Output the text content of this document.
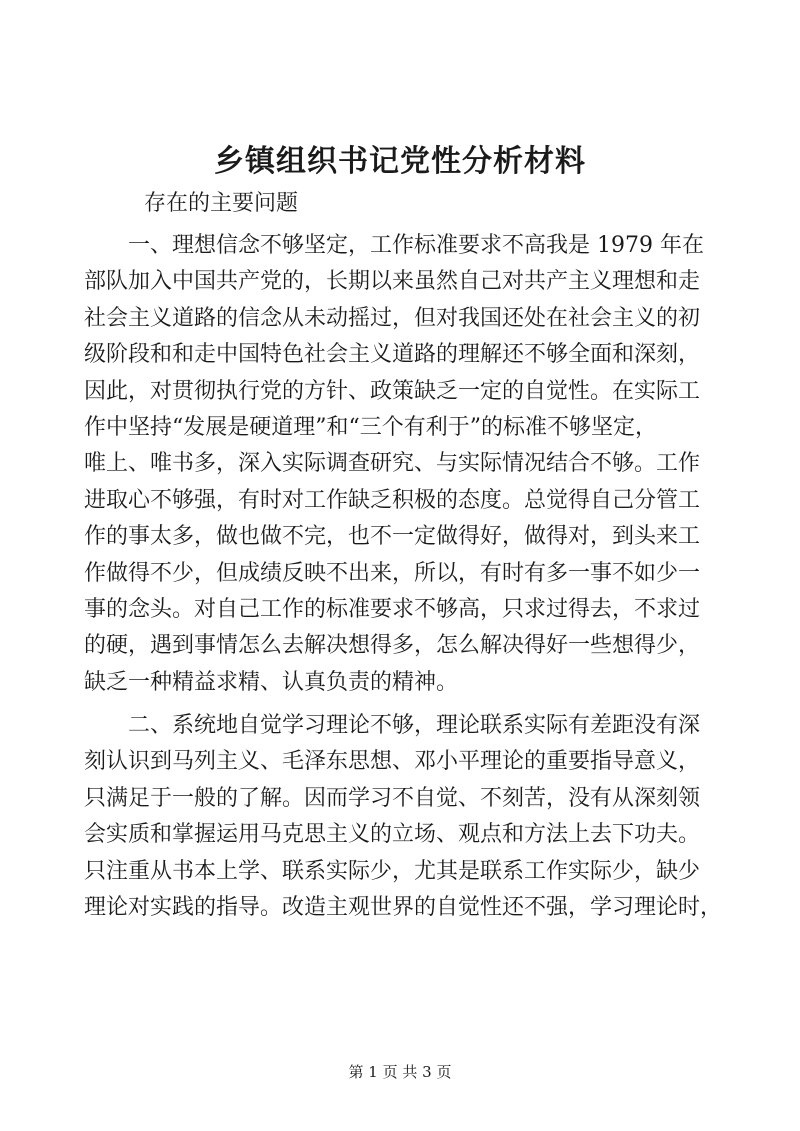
乡镇组织书记党性分析材料
存在的主要问题
一、理想信念不够坚定，工作标准要求不高我是 1979 年在
部队加入中国共产党的，长期以来虽然自己对共产主义理想和走
社会主义道路的信念从未动摇过，但对我国还处在社会主义的初
级阶段和和走中国特色社会主义道路的理解还不够全面和深刻，
因此，对贯彻执行党的方针、政策缺乏一定的自觉性。在实际工
作中坚持“发展是硬道理”和“三个有利于”的标准不够坚定，
唯上、唯书多，深入实际调查研究、与实际情况结合不够。工作
进取心不够强，有时对工作缺乏积极的态度。总觉得自己分管工
作的事太多，做也做不完，也不一定做得好，做得对，到头来工
作做得不少，但成绩反映不出来，所以，有时有多一事不如少一
事的念头。对自己工作的标准要求不够高，只求过得去，不求过
的硬，遇到事情怎么去解决想得多，怎么解决得好一些想得少，
缺乏一种精益求精、认真负责的精神。
二、系统地自觉学习理论不够，理论联系实际有差距没有深
刻认识到马列主义、毛泽东思想、邓小平理论的重要指导意义，
只满足于一般的了解。因而学习不自觉、不刻苦，没有从深刻领
会实质和掌握运用马克思主义的立场、观点和方法上去下功夫。
只注重从书本上学、联系实际少，尤其是联系工作实际少，缺少
理论对实践的指导。改造主观世界的自觉性还不强，学习理论时，
第 1 页 共 3 页
